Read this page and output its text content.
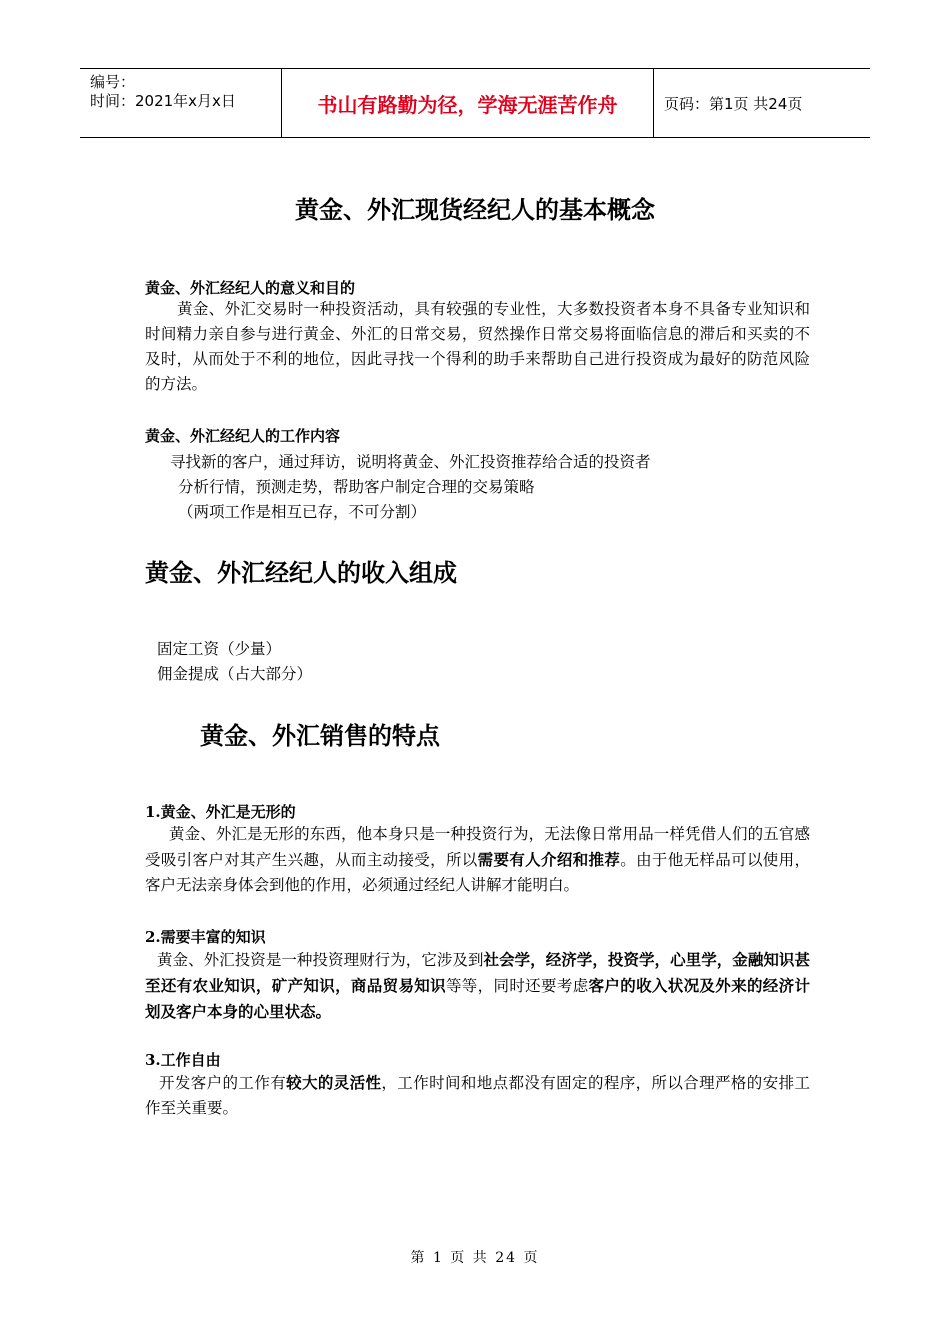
编号：
时间：2021年x月x日	书山有路勤为径，学海无涯苦作舟	页码：第1页 共24页
黄金、外汇现货经纪人的基本概念
黄金、外汇经纪人的意义和目的
黄金、外汇交易时一种投资活动，具有较强的专业性，大多数投资者本身不具备专业知识和时间精力亲自参与进行黄金、外汇的日常交易，贸然操作日常交易将面临信息的滞后和买卖的不及时，从而处于不利的地位，因此寻找一个得利的助手来帮助自己进行投资成为最好的防范风险的方法。
黄金、外汇经纪人的工作内容
寻找新的客户，通过拜访，说明将黄金、外汇投资推荐给合适的投资者
分析行情，预测走势，帮助客户制定合理的交易策略
（两项工作是相互已存，不可分割）
黄金、外汇经纪人的收入组成
固定工资（少量）
佣金提成（占大部分）
黄金、外汇销售的特点
1.黄金、外汇是无形的
黄金、外汇是无形的东西，他本身只是一种投资行为，无法像日常用品一样凭借人们的五官感受吸引客户对其产生兴趣，从而主动接受，所以需要有人介绍和推荐。由于他无样品可以使用，客户无法亲身体会到他的作用，必须通过经纪人讲解才能明白。
2.需要丰富的知识
黄金、外汇投资是一种投资理财行为，它涉及到社会学，经济学，投资学，心里学，金融知识甚至还有农业知识，矿产知识，商品贸易知识等等，同时还要考虑客户的收入状况及外来的经济计划及客户本身的心里状态。
3.工作自由
开发客户的工作有较大的灵活性，工作时间和地点都没有固定的程序，所以合理严格的安排工作至关重要。
第 1 页 共 24 页
